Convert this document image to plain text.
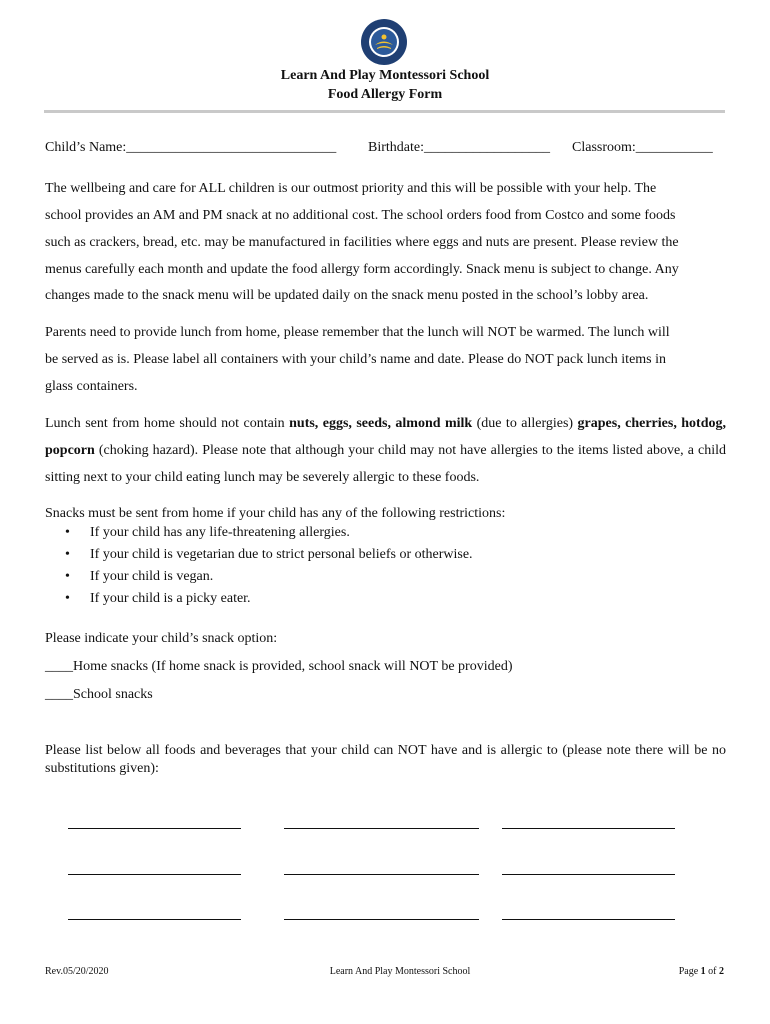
Learn And Play Montessori School
Food Allergy Form
Child’s Name:______________________________ Birthdate:__________________ Classroom:___________
The wellbeing and care for ALL children is our outmost priority and this will be possible with your help. The
school provides an AM and PM snack at no additional cost. The school orders food from Costco and some foods
such as crackers, bread, etc. may be manufactured in facilities where eggs and nuts are present. Please review the
menus carefully each month and update the food allergy form accordingly. Snack menu is subject to change. Any
changes made to the snack menu will be updated daily on the snack menu posted in the school’s lobby area.
Parents need to provide lunch from home, please remember that the lunch will NOT be warmed. The lunch will
be served as is. Please label all containers with your child’s name and date. Please do NOT pack lunch items in
glass containers.
Lunch sent from home should not contain nuts, eggs, seeds, almond milk (due to allergies) grapes, cherries, hotdog, popcorn (choking hazard). Please note that although your child may not have allergies to the items listed above, a child sitting next to your child eating lunch may be severely allergic to these foods.
Snacks must be sent from home if your child has any of the following restrictions:
If your child has any life-threatening allergies.
If your child is vegetarian due to strict personal beliefs or otherwise.
If your child is vegan.
If your child is a picky eater.
Please indicate your child’s snack option:
____Home snacks (If home snack is provided, school snack will NOT be provided)
____School snacks
Please list below all foods and beverages that your child can NOT have and is allergic to (please note there will be no substitutions given):
Rev.05/20/2020	Learn And Play Montessori School	Page 1 of 2
